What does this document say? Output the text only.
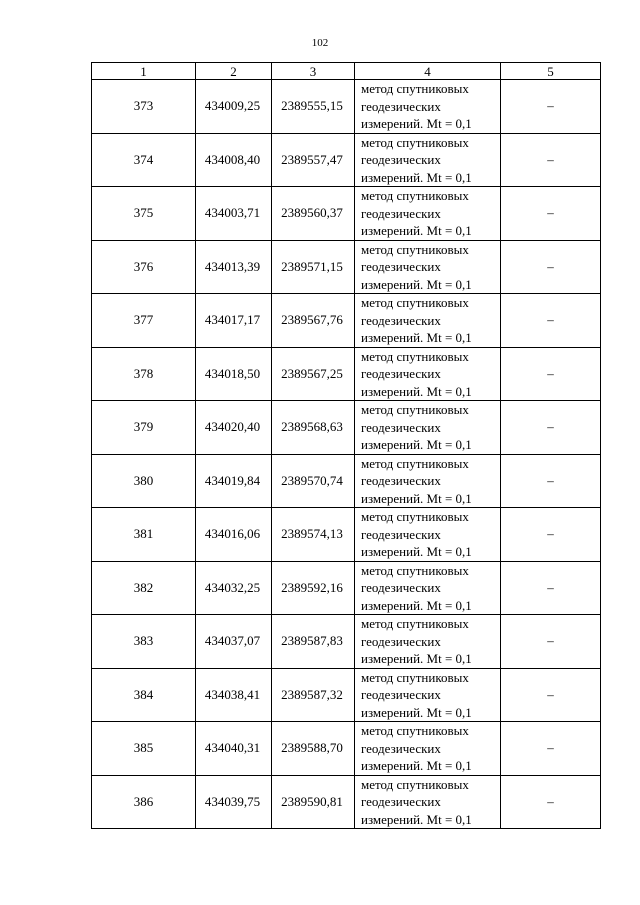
102
1	2	3	4	5
373	434009,25	2389555,15	метод спутниковых геодезических измерений. Mt = 0,1	–
374	434008,40	2389557,47	метод спутниковых геодезических измерений. Mt = 0,1	–
375	434003,71	2389560,37	метод спутниковых геодезических измерений. Mt = 0,1	–
376	434013,39	2389571,15	метод спутниковых геодезических измерений. Mt = 0,1	–
377	434017,17	2389567,76	метод спутниковых геодезических измерений. Mt = 0,1	–
378	434018,50	2389567,25	метод спутниковых геодезических измерений. Mt = 0,1	–
379	434020,40	2389568,63	метод спутниковых геодезических измерений. Mt = 0,1	–
380	434019,84	2389570,74	метод спутниковых геодезических измерений. Mt = 0,1	–
381	434016,06	2389574,13	метод спутниковых геодезических измерений. Mt = 0,1	–
382	434032,25	2389592,16	метод спутниковых геодезических измерений. Mt = 0,1	–
383	434037,07	2389587,83	метод спутниковых геодезических измерений. Mt = 0,1	–
384	434038,41	2389587,32	метод спутниковых геодезических измерений. Mt = 0,1	–
385	434040,31	2389588,70	метод спутниковых геодезических измерений. Mt = 0,1	–
386	434039,75	2389590,81	метод спутниковых геодезических измерений. Mt = 0,1	–
